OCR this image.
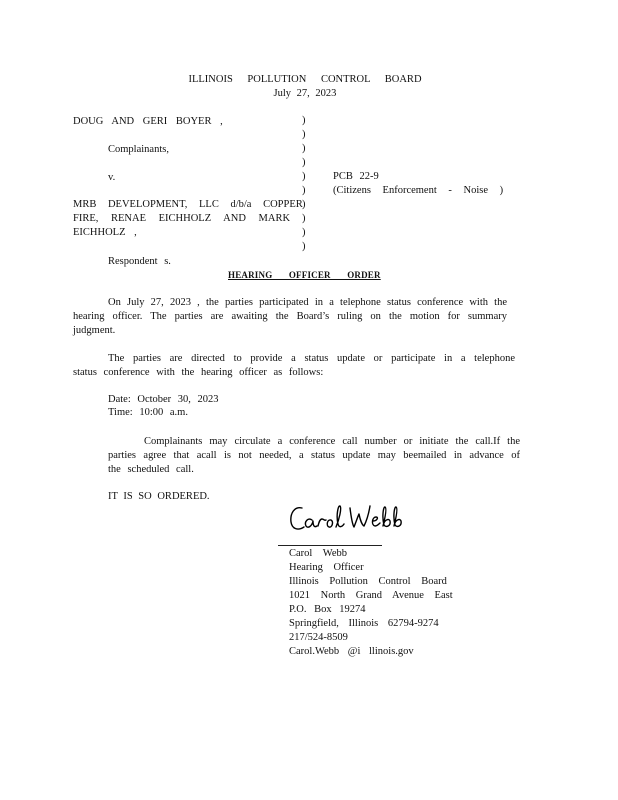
ILLINOIS POLLUTION CONTROL BOARD
July 27, 2023
DOUG AND GERI BOYER ,
Complainants,
v.
MRB DEVELOPMENT, LLC d/b/a COPPER
FIRE, RENAE EICHHOLZ AND MARK
EICHHOLZ ,
Respondent s.
)
)
)
)
)
)
)
)
)
)
PCB 22-9
(Citizens Enforcement - Noise )
HEARING OFFICER ORDER
On July 27, 2023 , the parties participated in a telephone status conference with the hearing officer. The parties are awaiting the Board’s ruling on the motion for summary judgment.
The parties are directed to provide a status update or participate in a telephone status conference with the hearing officer as follows:
Date: October 30, 2023
Time: 10:00 a.m.
Complainants may circulate a conference call number or initiate the call.If the parties agree that acall is not needed, a status update may beemailed in advance of the scheduled call.
IT IS SO ORDERED.
Carol Webb
Hearing Officer
Illinois Pollution Control Board
1021 North Grand Avenue East
P.O. Box 19274
Springfield, Illinois 62794-9274
217/524-8509
Carol.Webb @i llinois.gov
